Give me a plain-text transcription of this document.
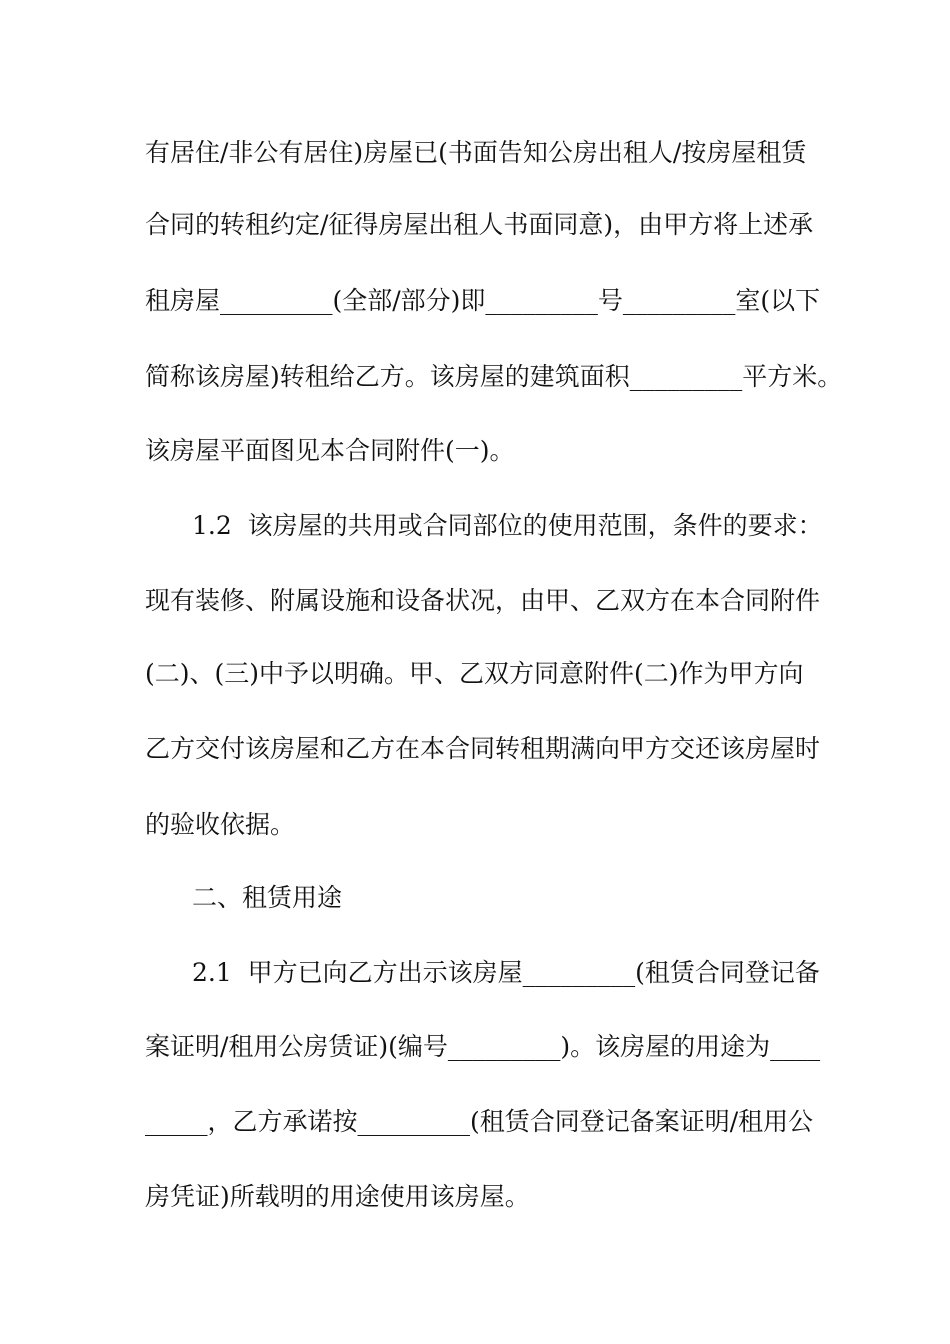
有居住/非公有居住)房屋已(书面告知公房出租人/按房屋租赁
合同的转租约定/征得房屋出租人书面同意)，由甲方将上述承
租房屋_________(全部/部分)即_________号_________室(以下
简称该房屋)转租给乙方。该房屋的建筑面积_________平方米。
该房屋平面图见本合同附件(一)。
1.2  该房屋的共用或合同部位的使用范围，条件的要求：
现有装修、附属设施和设备状况，由甲、乙双方在本合同附件
(二)、(三)中予以明确。甲、乙双方同意附件(二)作为甲方向
乙方交付该房屋和乙方在本合同转租期满向甲方交还该房屋时
的验收依据。
二、租赁用途
2.1  甲方已向乙方出示该房屋_________(租赁合同登记备
案证明/租用公房赁证)(编号_________)。该房屋的用途为____
_____，乙方承诺按_________(租赁合同登记备案证明/租用公
房凭证)所载明的用途使用该房屋。
